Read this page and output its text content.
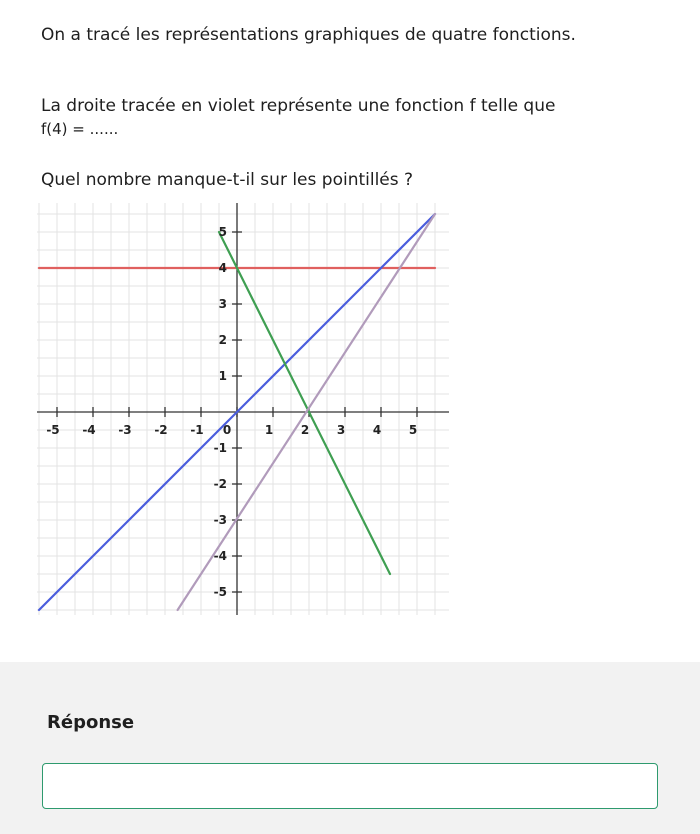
On a tracé les représentations graphiques de quatre fonctions.

La droite tracée en violet représente une fonction f telle que
f(4) = ......

Quel nombre manque-t-il sur les pointillés ?

-5 -4 -3 -2 -1 0	1 2 3 4 5
5
4
3
2
1
-1
-2
-3
-4
-5
Réponse
